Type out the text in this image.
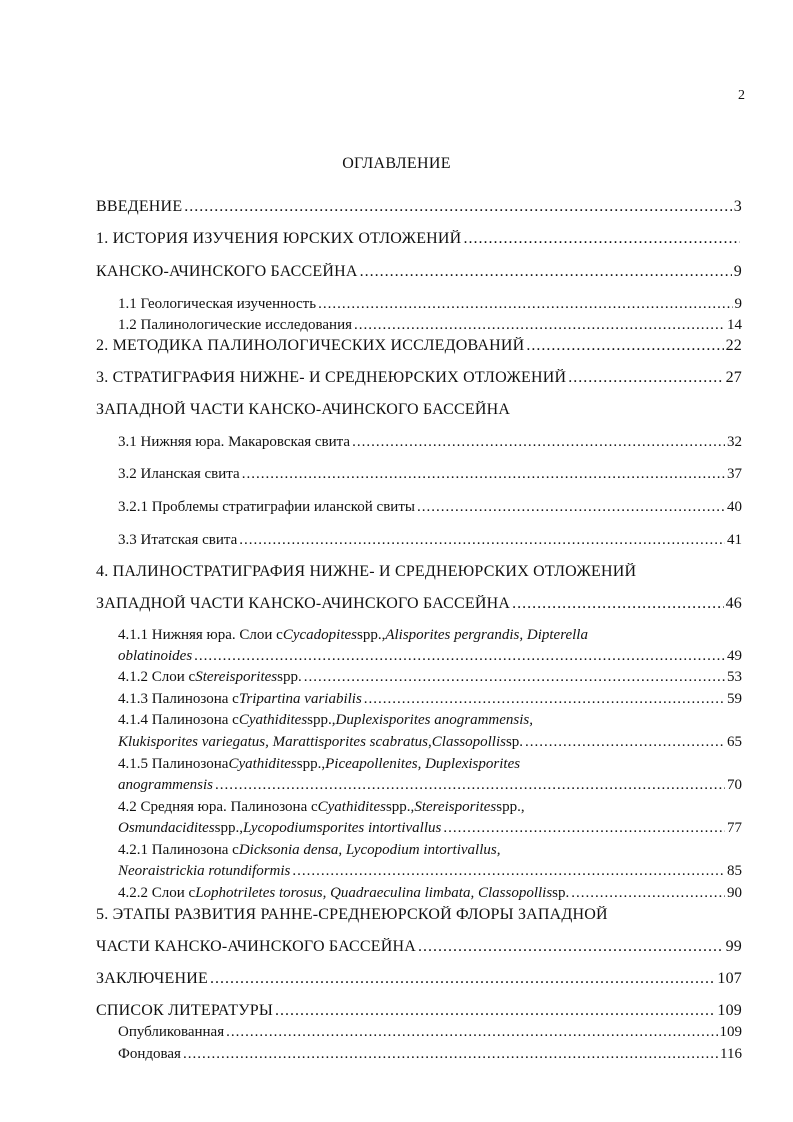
2
ОГЛАВЛЕНИЕ
ВВЕДЕНИЕ .....	3
1. ИСТОРИЯ ИЗУЧЕНИЯ ЮРСКИХ ОТЛОЖЕНИЙ
.....
КАНСКО-АЧИНСКОГО БАССЕЙНА .....	9
1.1 Геологическая изученность .....	9
1.2 Палинологические исследования .....	14
2. МЕТОДИКА ПАЛИНОЛОГИЧЕСКИХ ИССЛЕДОВАНИЙ .....	22
3. СТРАТИГРАФИЯ НИЖНЕ- И СРЕДНЕЮРСКИХ ОТЛОЖЕНИЙ .....	27
ЗАПАДНОЙ ЧАСТИ КАНСКО-АЧИНСКОГО БАССЕЙНА
3.1 Нижняя юра. Макаровская свита .....	32
3.2 Иланская свита .....	37
3.2.1 Проблемы стратиграфии иланской свиты .....	40
3.3 Итатская свита .....	41
4. ПАЛИНОСТРАТИГРАФИЯ НИЖНЕ- И СРЕДНЕЮРСКИХ ОТЛОЖЕНИЙ
ЗАПАДНОЙ ЧАСТИ КАНСКО-АЧИНСКОГО БАССЕЙНА .....	46
4.1.1 Нижняя юра. Слои с Cycadopites spp., Alisporites pergrandis, Dipterella
oblatinoides .....	49
4.1.2 Слои с Stereisporites spp. .....	53
4.1.3 Палинозона с Tripartina variabilis .....	59
4.1.4 Палинозона с Cyathidites spp., Duplexisporites anogrammensis,
Klukisporites variegatus, Marattisporites scabratus , Classopollis sp. .....	65
4.1.5 Палинозона Cyathidites spp., Piceapollenites, Duplexisporites
anogrammensis .....	70
4.2 Средняя юра. Палинозона с Cyathidites spp., Stereisporites spp.,
Osmundacidites spp., Lycopodiumsporites intortivallus .....	77
4.2.1 Палинозона с Dicksonia densa, Lycopodium intortivallus,
Neoraistrickia rotundiformis .....	85
4.2.2 Слои с Lophotriletes torosus, Quadraeculina limbata, Classopollis sp. .....	90
5. ЭТАПЫ РАЗВИТИЯ РАННЕ-СРЕДНЕЮРСКОЙ ФЛОРЫ ЗАПАДНОЙ
ЧАСТИ КАНСКО-АЧИНСКОГО БАССЕЙНА .....	99
ЗАКЛЮЧЕНИЕ .....	107
СПИСОК ЛИТЕРАТУРЫ .....	109
Опубликованная .....	109
Фондовая .....	116
